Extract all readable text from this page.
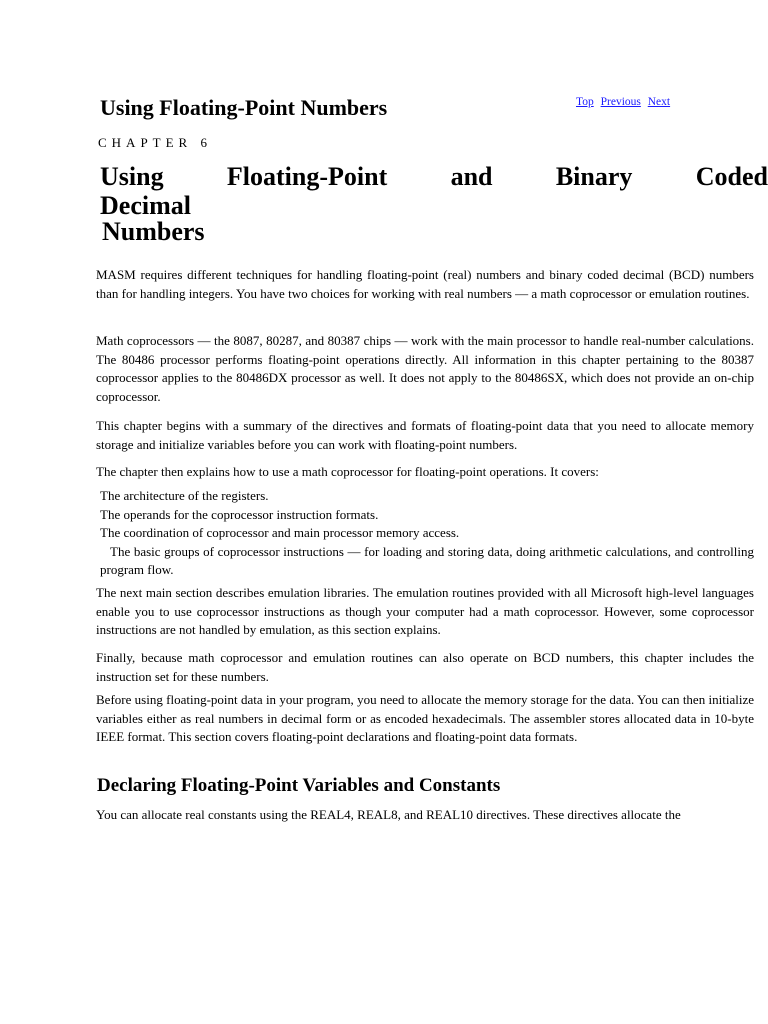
Using Floating-Point Numbers	Top Previous Next
CHAPTER 6
Using Floating-Point and Binary Coded
Decimal
Numbers

MASM requires different techniques for handling floating-point (real) numbers and binary coded decimal (BCD) numbers than for handling integers. You have two choices for working with real numbers — a math coprocessor or emulation routines.

Math coprocessors — the 8087, 80287, and 80387 chips — work with the main processor to handle real-number calculations. The 80486 processor performs floating-point operations directly. All information in this chapter pertaining to the 80387 coprocessor applies to the 80486DX processor as well. It does not apply to the 80486SX, which does not provide an on-chip coprocessor.

This chapter begins with a summary of the directives and formats of floating-point data that you need to allocate memory storage and initialize variables before you can work with floating-point numbers.

The chapter then explains how to use a math coprocessor for floating-point operations. It covers:

The architecture of the registers.
The operands for the coprocessor instruction formats.
The coordination of coprocessor and main processor memory access.
The basic groups of coprocessor instructions — for loading and storing data, doing arithmetic calculations, and controlling program flow.

The next main section describes emulation libraries. The emulation routines provided with all Microsoft high-level languages enable you to use coprocessor instructions as though your computer had a math coprocessor. However, some coprocessor instructions are not handled by emulation, as this section explains.

Finally, because math coprocessor and emulation routines can also operate on BCD numbers, this chapter includes the instruction set for these numbers.

Before using floating-point data in your program, you need to allocate the memory storage for the data. You can then initialize variables either as real numbers in decimal form or as encoded hexadecimals. The assembler stores allocated data in 10-byte IEEE format. This section covers floating-point declarations and floating-point data formats.

Declaring Floating-Point Variables and Constants

You can allocate real constants using the REAL4, REAL8, and REAL10 directives. These directives allocate the
